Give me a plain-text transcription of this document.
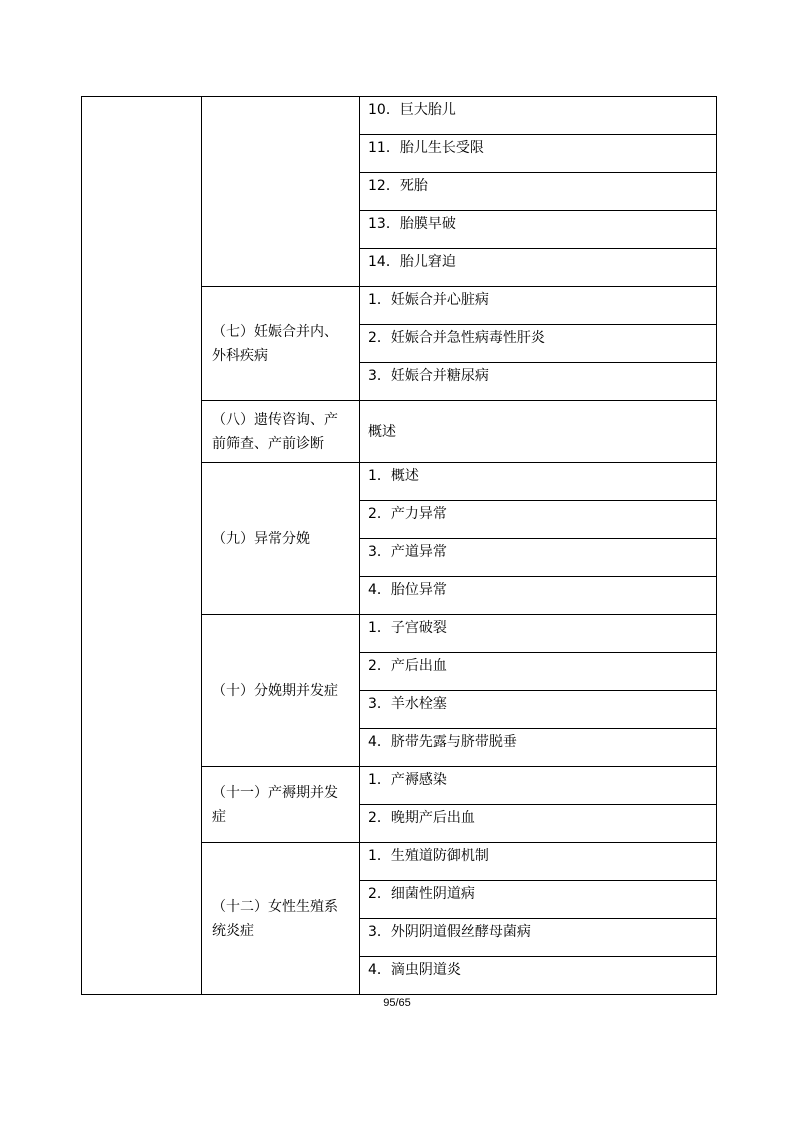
		10．巨大胎儿

		11．胎儿生长受限

		12．死胎

		13．胎膜早破

		14．胎儿窘迫

	（七）妊娠合并内、外科疾病	1．妊娠合并心脏病

		2．妊娠合并急性病毒性肝炎

		3．妊娠合并糖尿病

	（八）遗传咨询、产前筛查、产前诊断	概述
	（九）异常分娩	1．概述

		2．产力异常

		3．产道异常

		4．胎位异常

	（十）分娩期并发症	1．子宫破裂

		2．产后出血

		3．羊水栓塞

		4．脐带先露与脐带脱垂

	（十一）产褥期并发症	1．产褥感染

		2．晚期产后出血

	（十二）女性生殖系统炎症	1．生殖道防御机制

		2．细菌性阴道病

		3．外阴阴道假丝酵母菌病

		4．滴虫阴道炎
95/65
